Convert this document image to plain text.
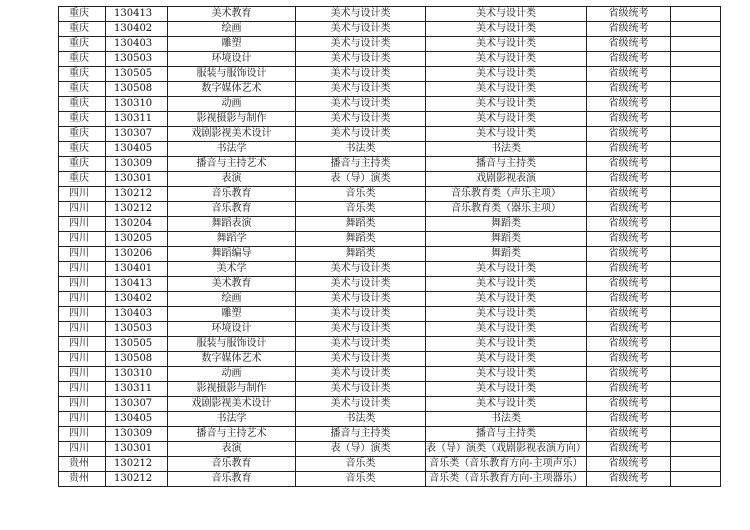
重庆	130413	美术教育	美术与设计类	美术与设计类	省级统考	
重庆	130402	绘画	美术与设计类	美术与设计类	省级统考	
重庆	130403	雕塑	美术与设计类	美术与设计类	省级统考	
重庆	130503	环境设计	美术与设计类	美术与设计类	省级统考	
重庆	130505	服装与服饰设计	美术与设计类	美术与设计类	省级统考	
重庆	130508	数字媒体艺术	美术与设计类	美术与设计类	省级统考	
重庆	130310	动画	美术与设计类	美术与设计类	省级统考	
重庆	130311	影视摄影与制作	美术与设计类	美术与设计类	省级统考	
重庆	130307	戏剧影视美术设计	美术与设计类	美术与设计类	省级统考	
重庆	130405	书法学	书法类	书法类	省级统考	
重庆	130309	播音与主持艺术	播音与主持类	播音与主持类	省级统考	
重庆	130301	表演	表（导）演类	戏剧影视表演	省级统考	
四川	130212	音乐教育	音乐类	音乐教育类（声乐主项）	省级统考	
四川	130212	音乐教育	音乐类	音乐教育类（器乐主项）	省级统考	
四川	130204	舞蹈表演	舞蹈类	舞蹈类	省级统考	
四川	130205	舞蹈学	舞蹈类	舞蹈类	省级统考	
四川	130206	舞蹈编导	舞蹈类	舞蹈类	省级统考	
四川	130401	美术学	美术与设计类	美术与设计类	省级统考	
四川	130413	美术教育	美术与设计类	美术与设计类	省级统考	
四川	130402	绘画	美术与设计类	美术与设计类	省级统考	
四川	130403	雕塑	美术与设计类	美术与设计类	省级统考	
四川	130503	环境设计	美术与设计类	美术与设计类	省级统考	
四川	130505	服装与服饰设计	美术与设计类	美术与设计类	省级统考	
四川	130508	数字媒体艺术	美术与设计类	美术与设计类	省级统考	
四川	130310	动画	美术与设计类	美术与设计类	省级统考	
四川	130311	影视摄影与制作	美术与设计类	美术与设计类	省级统考	
四川	130307	戏剧影视美术设计	美术与设计类	美术与设计类	省级统考	
四川	130405	书法学	书法类	书法类	省级统考	
四川	130309	播音与主持艺术	播音与主持类	播音与主持类	省级统考	
四川	130301	表演	表（导）演类	表（导）演类（戏剧影视表演方向）	省级统考	
贵州	130212	音乐教育	音乐类	音乐类（音乐教育方向-主项声乐）	省级统考	
贵州	130212	音乐教育	音乐类	音乐类（音乐教育方向-主项器乐）	省级统考	
